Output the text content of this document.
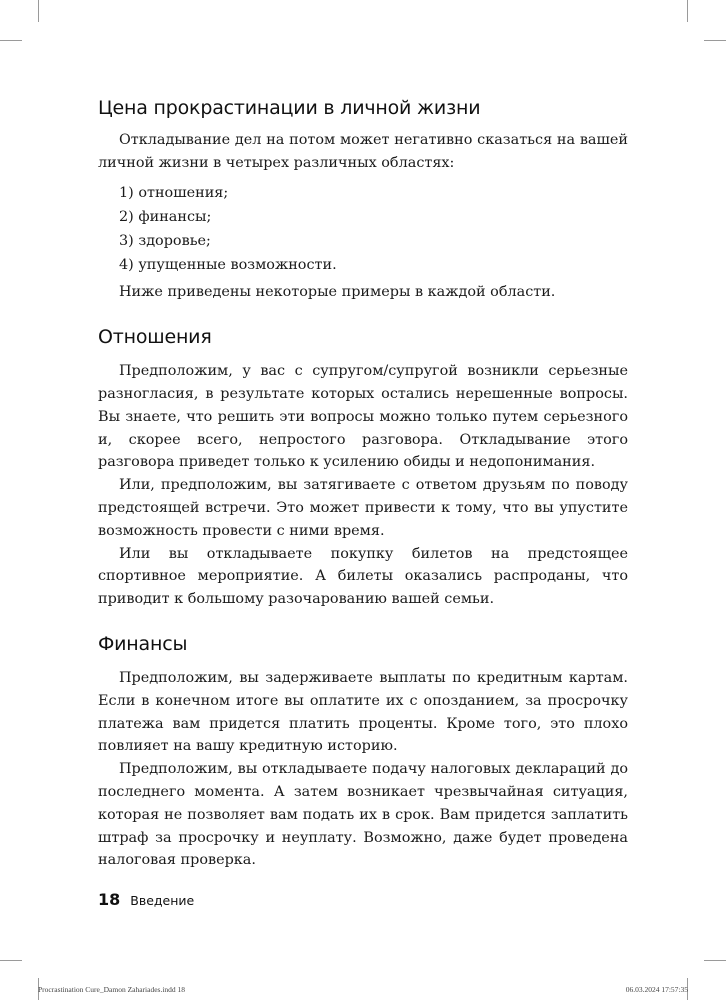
Цена прокрастинации в личной жизни

Откладывание дел на потом может негативно сказаться на вашей личной жизни в четырех различных областях:

1) отношения;

2) финансы;

3) здоровье;

4) упущенные возможности.

Ниже приведены некоторые примеры в каждой области.

Отношения

Предположим, у вас с супругом/супругой возникли серьезные разногласия, в результате которых остались нерешенные вопросы. Вы знаете, что решить эти вопросы можно только путем серьезного и, скорее всего, непростого разговора. Откладывание этого разговора приведет только к усилению обиды и недопонимания.

Или, предположим, вы затягиваете с ответом друзьям по поводу предстоящей встречи. Это может привести к тому, что вы упустите возможность провести с ними время.

Или вы откладываете покупку билетов на предстоящее спортивное мероприятие. А билеты оказались распроданы, что приводит к большому разочарованию вашей семьи.

Финансы

Предположим, вы задерживаете выплаты по кредитным картам. Если в конечном итоге вы оплатите их с опозданием, за просрочку платежа вам придется платить проценты. Кроме того, это плохо повлияет на вашу кредитную историю.

Предположим, вы откладываете подачу налоговых деклараций до последнего момента. А затем возникает чрезвычайная ситуация, которая не позволяет вам подать их в срок. Вам придется заплатить штраф за просрочку и неуплату. Возможно, даже будет проведена налоговая проверка.

18 Введение
Procrastination Cure_Damon Zahariades.indd 18	06.03.2024 17:57:35
